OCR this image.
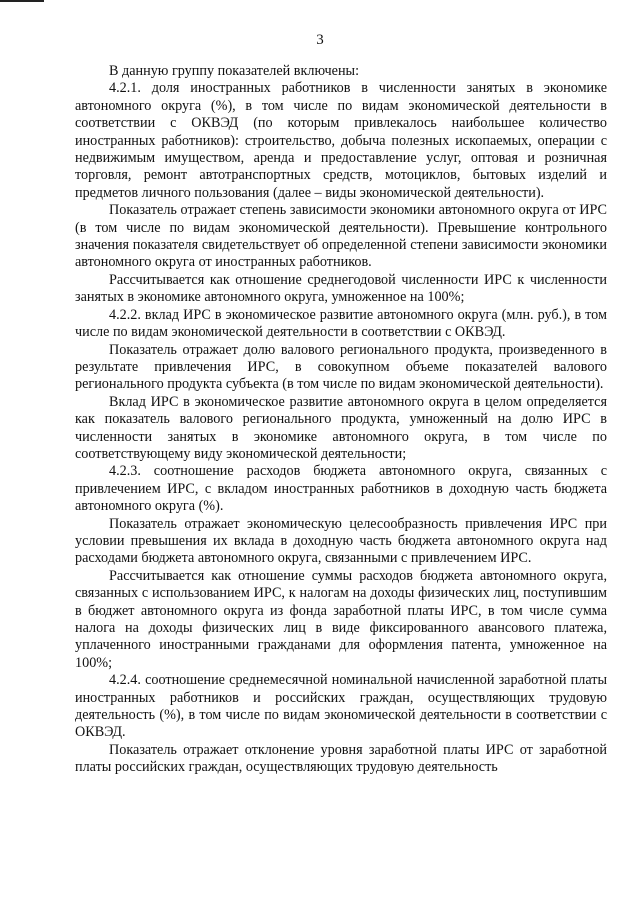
3

В данную группу показателей включены:

4.2.1. доля иностранных работников в численности занятых в экономике автономного округа (%), в том числе по видам экономической деятельности в соответствии с ОКВЭД (по которым привлекалось наибольшее количество иностранных работников): строительство, добыча полезных ископаемых, операции с недвижимым имуществом, аренда и предоставление услуг, оптовая и розничная торговля, ремонт автотранспортных средств, мотоциклов, бытовых изделий и предметов личного пользования (далее – виды экономической деятельности).

Показатель отражает степень зависимости экономики автономного округа от ИРС (в том числе по видам экономической деятельности). Превышение контрольного значения показателя свидетельствует об определенной степени зависимости экономики автономного округа от иностранных работников.

Рассчитывается как отношение среднегодовой численности ИРС к численности занятых в экономике автономного округа, умноженное на 100%;

4.2.2. вклад ИРС в экономическое развитие автономного округа (млн. руб.), в том числе по видам экономической деятельности в соответствии с ОКВЭД.

Показатель отражает долю валового регионального продукта, произведенного в результате привлечения ИРС, в совокупном объеме показателей валового регионального продукта субъекта (в том числе по видам экономической деятельности).

Вклад ИРС в экономическое развитие автономного округа в целом определяется как показатель валового регионального продукта, умноженный на долю ИРС в численности занятых в экономике автономного округа, в том числе по соответствующему виду экономической деятельности;

4.2.3. соотношение расходов бюджета автономного округа, связанных с привлечением ИРС, с вкладом иностранных работников в доходную часть бюджета автономного округа (%).

Показатель отражает экономическую целесообразность привлечения ИРС при условии превышения их вклада в доходную часть бюджета автономного округа над расходами бюджета автономного округа, связанными с привлечением ИРС.

Рассчитывается как отношение суммы расходов бюджета автономного округа, связанных с использованием ИРС, к налогам на доходы физических лиц, поступившим в бюджет автономного округа из фонда заработной платы ИРС, в том числе сумма налога на доходы физических лиц в виде фиксированного авансового платежа, уплаченного иностранными гражданами для оформления патента, умноженное на 100%;

4.2.4. соотношение среднемесячной номинальной начисленной заработной платы иностранных работников и российских граждан, осуществляющих трудовую деятельность (%), в том числе по видам экономической деятельности в соответствии с ОКВЭД.

Показатель отражает отклонение уровня заработной платы ИРС от заработной платы российских граждан, осуществляющих трудовую деятельность
